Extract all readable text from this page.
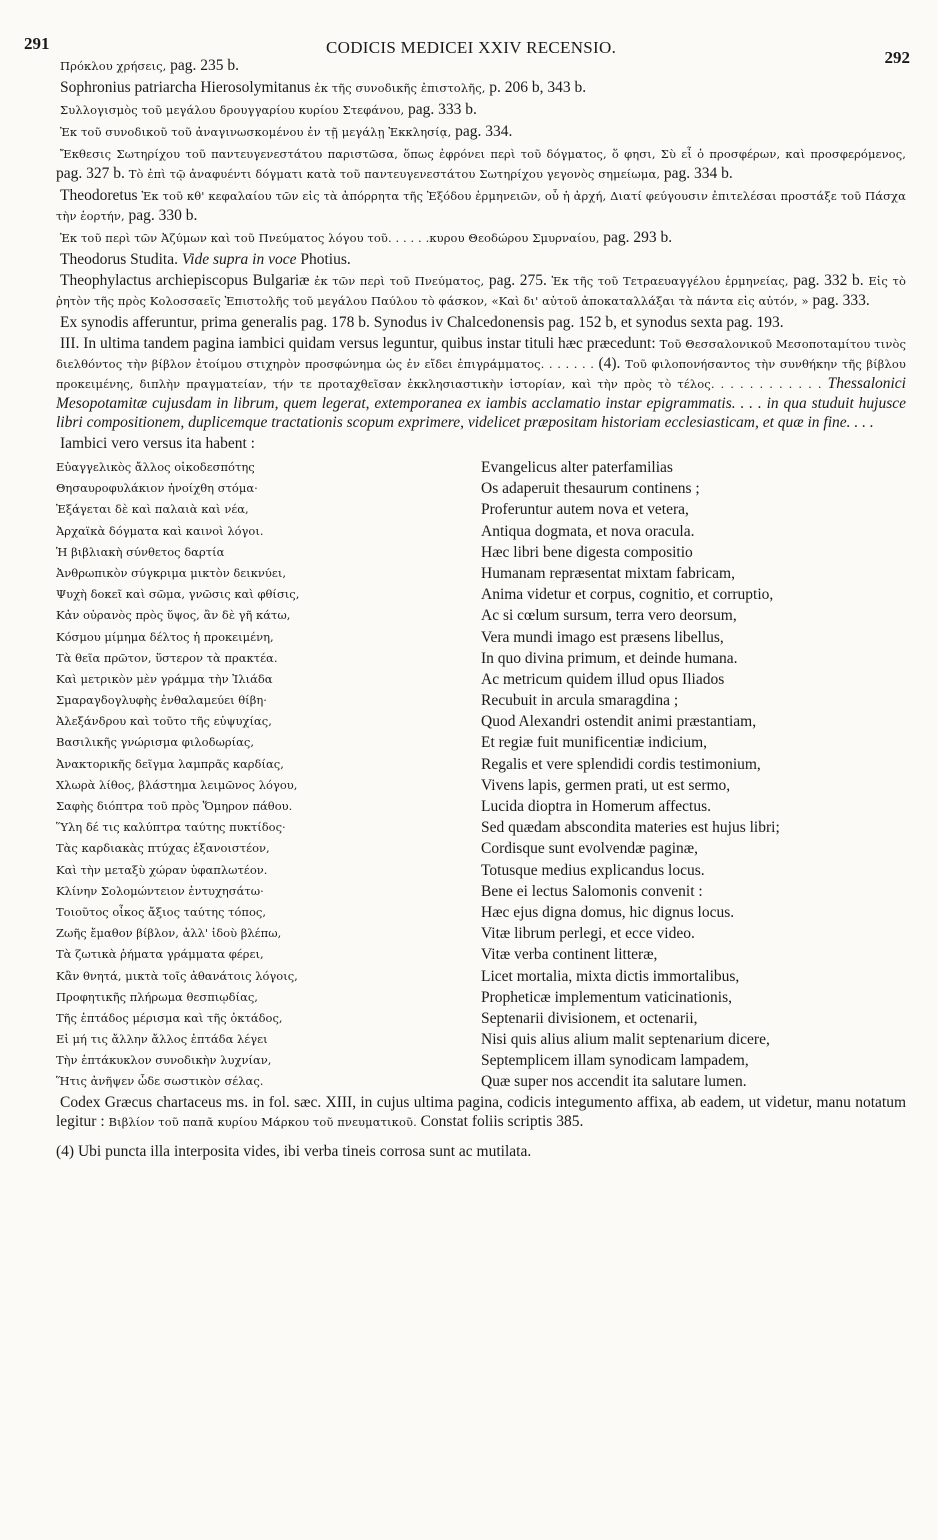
291	CODICIS MEDICEI XXIV RECENSIO.
292

Πρόκλου χρήσεις, pag. 235 b.

Sophronius patriarcha Hierosolymitanus ἐκ τῆς συνοδικῆς ἐπιστολῆς, p. 206 b, 343 b.

Συλλογισμὸς τοῦ μεγάλου δρουγγαρίου κυρίου Στεφάνου, pag. 333 b.

Ἐκ τοῦ συνοδικοῦ τοῦ ἀναγινωσκομένου ἐν τῇ μεγάλῃ Ἐκκλησίᾳ, pag. 334.

Ἔκθεσις Σωτηρίχου τοῦ παντευγενεστάτου παριστῶσα, ὅπως ἐφρόνει περὶ τοῦ δόγματος, ὅ φησι, Σὺ εἶ ὁ προσφέρων, καὶ προσφερόμενος, pag. 327 b. Τὸ ἐπὶ τῷ ἀναφυέντι δόγματι κατὰ τοῦ παντευγενεστάτου Σωτηρίχου γεγονὸς σημείωμα, pag. 334 b.

Theodoretus Ἐκ τοῦ κθ' κεφαλαίου τῶν εἰς τὰ ἀπόρρητα τῆς Ἐξόδου ἑρμηνειῶν, οὗ ἡ ἀρχή, Διατί φεύγουσιν ἐπιτελέσαι προστάξε τοῦ Πάσχα τὴν ἑορτήν, pag. 330 b.

Ἐκ τοῦ περὶ τῶν Ἀζύμων καὶ τοῦ Πνεύματος λόγου τοῦ. . . . . .κυρου Θεοδώρου Σμυρναίου, pag. 293 b.

Theodorus Studita. Vide supra in voce Photius.

Theophylactus archiepiscopus Bulgariæ ἐκ τῶν περὶ τοῦ Πνεύματος, pag. 275. Ἐκ τῆς τοῦ Τετραευαγγέλου ἑρμηνείας, pag. 332 b. Εἰς τὸ ῥητὸν τῆς πρὸς Κολοσσαεῖς Ἐπιστολῆς τοῦ μεγάλου Παύλου τὸ φάσκον, «Καὶ δι' αὐτοῦ ἀποκαταλλάξαι τὰ πάντα εἰς αὐτόν, » pag. 333.

Ex synodis afferuntur, prima generalis pag. 178 b. Synodus iv Chalcedonensis pag. 152 b, et synodus sexta pag. 193.

III. In ultima tandem pagina iambici quidam versus leguntur, quibus instar tituli hæc præcedunt: Τοῦ Θεσσαλονικοῦ Μεσοποταμίτου τινὸς διελθόντος τὴν βίβλον ἐτοίμου στιχηρὸν προσφώνημα ὡς ἐν εἴδει ἐπιγράμματος. . . . . . . (4). Τοῦ φιλοπονήσαντος τὴν συνθήκην τῆς βίβλου προκειμένης, διπλὴν πραγματείαν, τήν τε προταχθεῖσαν ἐκκλησιαστικὴν ἱστορίαν, καὶ τὴν πρὸς τὸ τέλος. . . . . . . . . . . . Thessalonici Mesopotamitæ cujusdam in librum, quem legerat, extemporanea ex iambis acclamatio instar epigrammatis. . . . in qua studuit hujusce libri compositionem, duplicemque tractationis scopum exprimere, videlicet præpositam historiam ecclesiasticam, et quæ in fine. . . .

Iambici vero versus ita habent :

Εὐαγγελικὸς ἄλλος οἰκοδεσπότης
Θησαυροφυλάκιον ἠνοίχθη στόμα·
Ἐξάγεται δὲ καὶ παλαιὰ καὶ νέα,
Ἀρχαϊκὰ δόγματα καὶ καινοὶ λόγοι.
Ἡ βιβλιακὴ σύνθετος δαρτία
Ἀνθρωπικὸν σύγκριμα μικτὸν δεικνύει,
Ψυχὴ δοκεῖ καὶ σῶμα, γνῶσις καὶ φθίσις,
Κἀν οὐρανὸς πρὸς ὕψος, ἂν δὲ γῆ κάτω,
Κόσμου μίμημα δέλτος ἡ προκειμένη,
Τὰ θεῖα πρῶτον, ὕστερον τὰ πρακτέα.
Καὶ μετρικὸν μὲν γράμμα τὴν Ἰλιάδα
Σμαραγδογλυφὴς ἐνθαλαμεύει θίβη·
Ἀλεξάνδρου καὶ τοῦτο τῆς εὐψυχίας,
Βασιλικῆς γνώρισμα φιλοδωρίας,
Ἀνακτορικῆς δεῖγμα λαμπρᾶς καρδίας,
Χλωρὰ λίθος, βλάστημα λειμῶνος λόγου,
Σαφὴς διόπτρα τοῦ πρὸς Ὅμηρον πάθου.
Ὕλη δέ τις καλύπτρα ταύτης πυκτίδος·
Τὰς καρδιακὰς πτύχας ἐξανοιστέον,
Καὶ τὴν μεταξὺ χώραν ὑφαπλωτέον.
Κλίνην Σολομώντειον ἐντυχησάτω·
Τοιοῦτος οἶκος ἄξιος ταύτης τόπος,
Ζωῆς ἔμαθον βίβλον, ἀλλ' ἰδοὺ βλέπω,
Τὰ ζωτικὰ ῥήματα γράμματα φέρει,
Κἂν θνητά, μικτὰ τοῖς ἀθανάτοις λόγοις,
Προφητικῆς πλήρωμα θεσπιῳδίας,
Τῆς ἑπτάδος μέρισμα καὶ τῆς ὀκτάδος,
Εἰ μή τις ἄλλην ἄλλος ἑπτάδα λέγει
Τὴν ἑπτάκυκλον συνοδικὴν λυχνίαν,
Ἥτις ἀνῆψεν ὧδε σωστικὸν σέλας.
Evangelicus alter paterfamilias
Os adaperuit thesaurum continens ;
Proferuntur autem nova et vetera,
Antiqua dogmata, et nova oracula.
Hæc libri bene digesta compositio
Humanam repræsentat mixtam fabricam,
Anima videtur et corpus, cognitio, et corruptio,
Ac si cœlum sursum, terra vero deorsum,
Vera mundi imago est præsens libellus,
In quo divina primum, et deinde humana.
Ac metricum quidem illud opus Iliados
Recubuit in arcula smaragdina ;
Quod Alexandri ostendit animi præstantiam,
Et regiæ fuit munificentiæ indicium,
Regalis et vere splendidi cordis testimonium,
Vivens lapis, germen prati, ut est sermo,
Lucida dioptra in Homerum affectus.
Sed quædam abscondita materies est hujus libri;
Cordisque sunt evolvendæ paginæ,
Totusque medius explicandus locus.
Bene ei lectus Salomonis convenit :
Hæc ejus digna domus, hic dignus locus.
Vitæ librum perlegi, et ecce video.
Vitæ verba continent litteræ,
Licet mortalia, mixta dictis immortalibus,
Propheticæ implementum vaticinationis,
Septenarii divisionem, et octenarii,
Nisi quis alius alium malit septenarium dicere,
Septemplicem illam synodicam lampadem,
Quæ super nos accendit ita salutare lumen.

Codex Græcus chartaceus ms. in fol. sæc. XIII, in cujus ultima pagina, codicis integumento affixa, ab eadem, ut videtur, manu notatum legitur : Βιβλίον τοῦ παπᾶ κυρίου Μάρκου τοῦ πνευματικοῦ. Constat foliis scriptis 385.

(4) Ubi puncta illa interposita vides, ibi verba tineis corrosa sunt ac mutilata.
